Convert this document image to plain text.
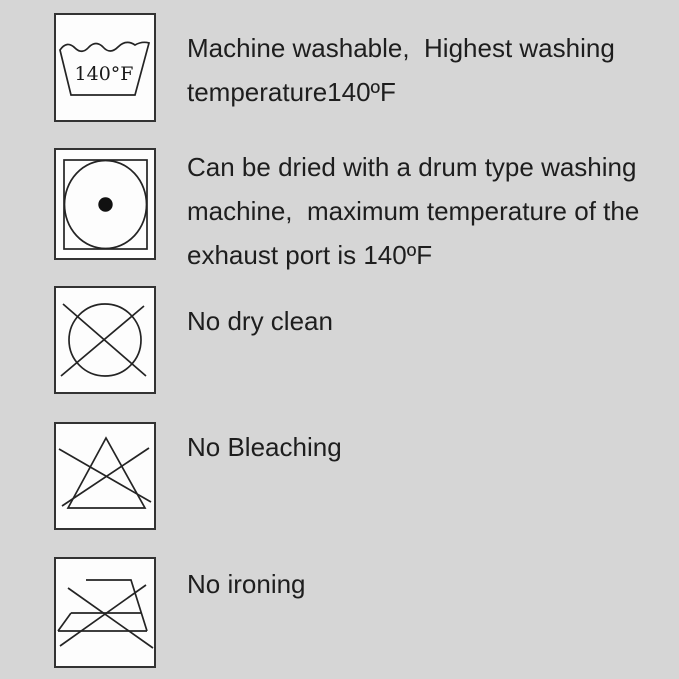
140°F
Machine washable,  Highest washing
temperature140ºF
Can be dried with a drum type washing
machine,  maximum temperature of the
exhaust port is 140ºF
No dry clean
No Bleaching
No ironing
